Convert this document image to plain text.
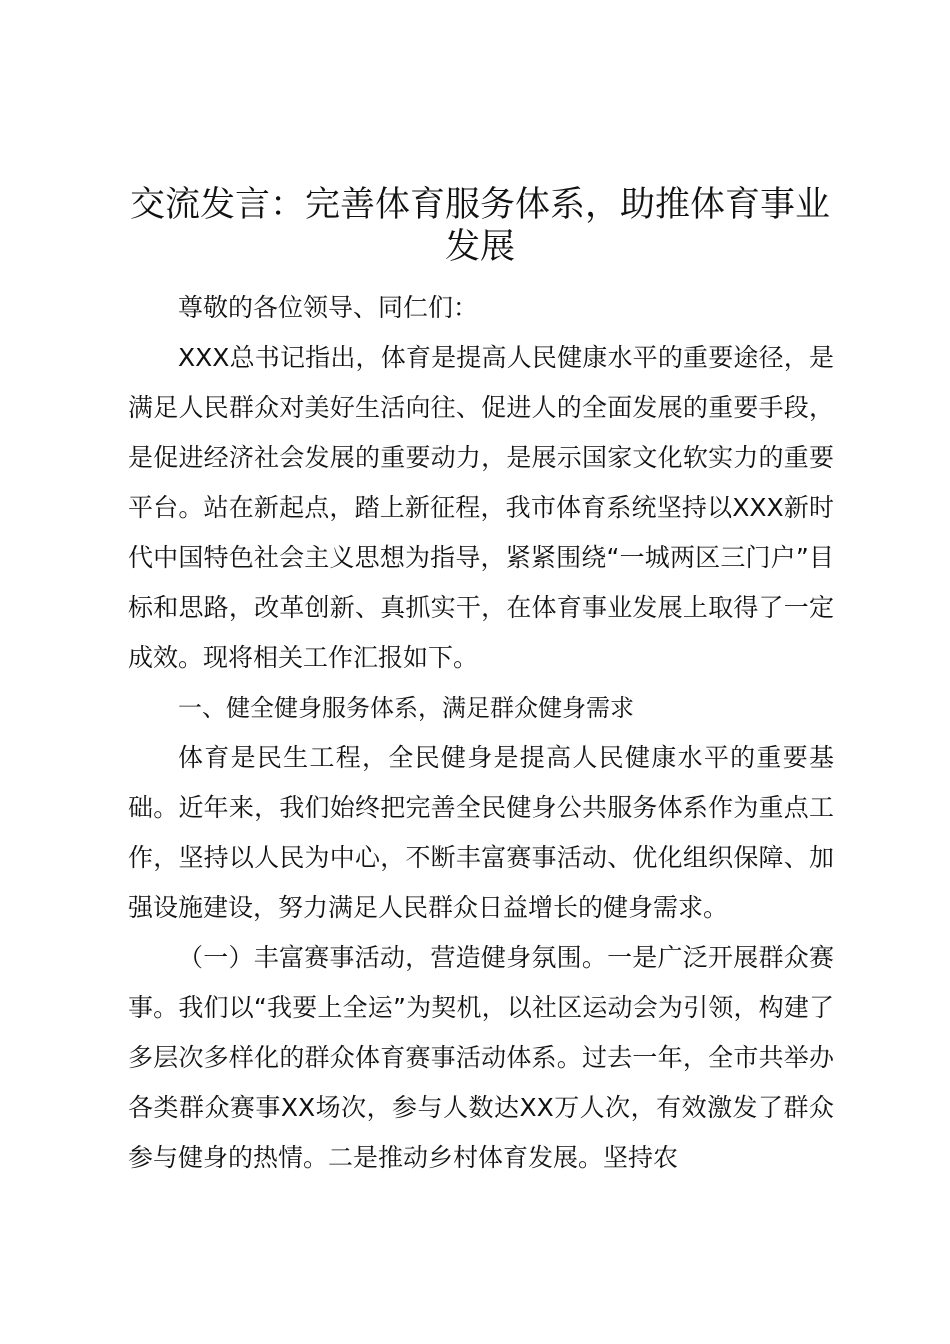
交流发言：完善体育服务体系，助推体育事业发展

尊敬的各位领导、同仁们：

XXX总书记指出，体育是提高人民健康水平的重要途径，是满足人民群众对美好生活向往、促进人的全面发展的重要手段，是促进经济社会发展的重要动力，是展示国家文化软实力的重要平台。站在新起点，踏上新征程，我市体育系统坚持以XXX新时代中国特色社会主义思想为指导，紧紧围绕“一城两区三门户”目标和思路，改革创新、真抓实干，在体育事业发展上取得了一定成效。现将相关工作汇报如下。

一、健全健身服务体系，满足群众健身需求

体育是民生工程，全民健身是提高人民健康水平的重要基础。近年来，我们始终把完善全民健身公共服务体系作为重点工作，坚持以人民为中心，不断丰富赛事活动、优化组织保障、加强设施建设，努力满足人民群众日益增长的健身需求。

（一）丰富赛事活动，营造健身氛围。一是广泛开展群众赛事。我们以“我要上全运”为契机，以社区运动会为引领，构建了多层次多样化的群众体育赛事活动体系。过去一年，全市共举办各类群众赛事XX场次，参与人数达XX万人次，有效激发了群众参与健身的热情。二是推动乡村体育发展。坚持农
